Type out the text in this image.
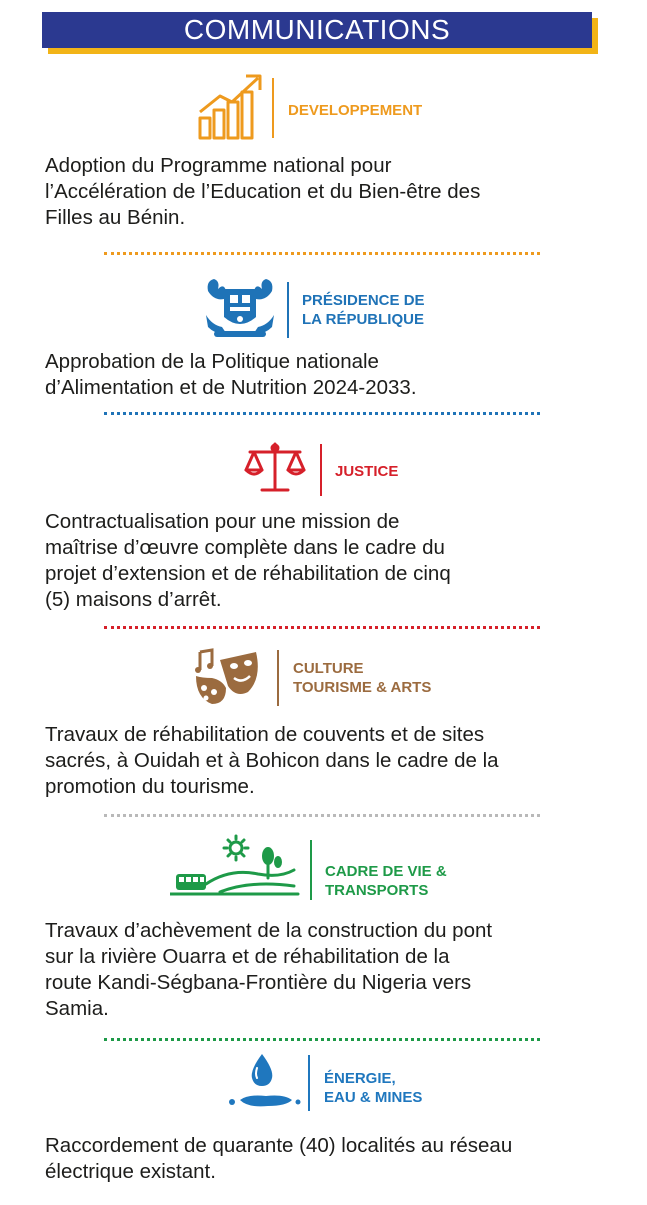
COMMUNICATIONS
DEVELOPPEMENT

Adoption du Programme national pour
l’Accélération de l’Education et du Bien-être des
Filles au Bénin.

PRÉSIDENCE DE
LA RÉPUBLIQUE

Approbation de la Politique nationale
d’Alimentation et de Nutrition 2024-2033.

JUSTICE

Contractualisation pour une mission de
maîtrise d’œuvre complète dans le cadre du
projet d’extension et de réhabilitation de cinq
(5) maisons d’arrêt.

CULTURE
TOURISME & ARTS

Travaux de réhabilitation de couvents et de sites
sacrés, à Ouidah et à Bohicon dans le cadre de la
promotion du tourisme.

CADRE DE VIE &
TRANSPORTS

Travaux d’achèvement de la construction du pont
sur la rivière Ouarra et de réhabilitation de la
route Kandi-Ségbana-Frontière du Nigeria vers
Samia.

ÉNERGIE,
EAU & MINES

Raccordement de quarante (40) localités au réseau
électrique existant.
